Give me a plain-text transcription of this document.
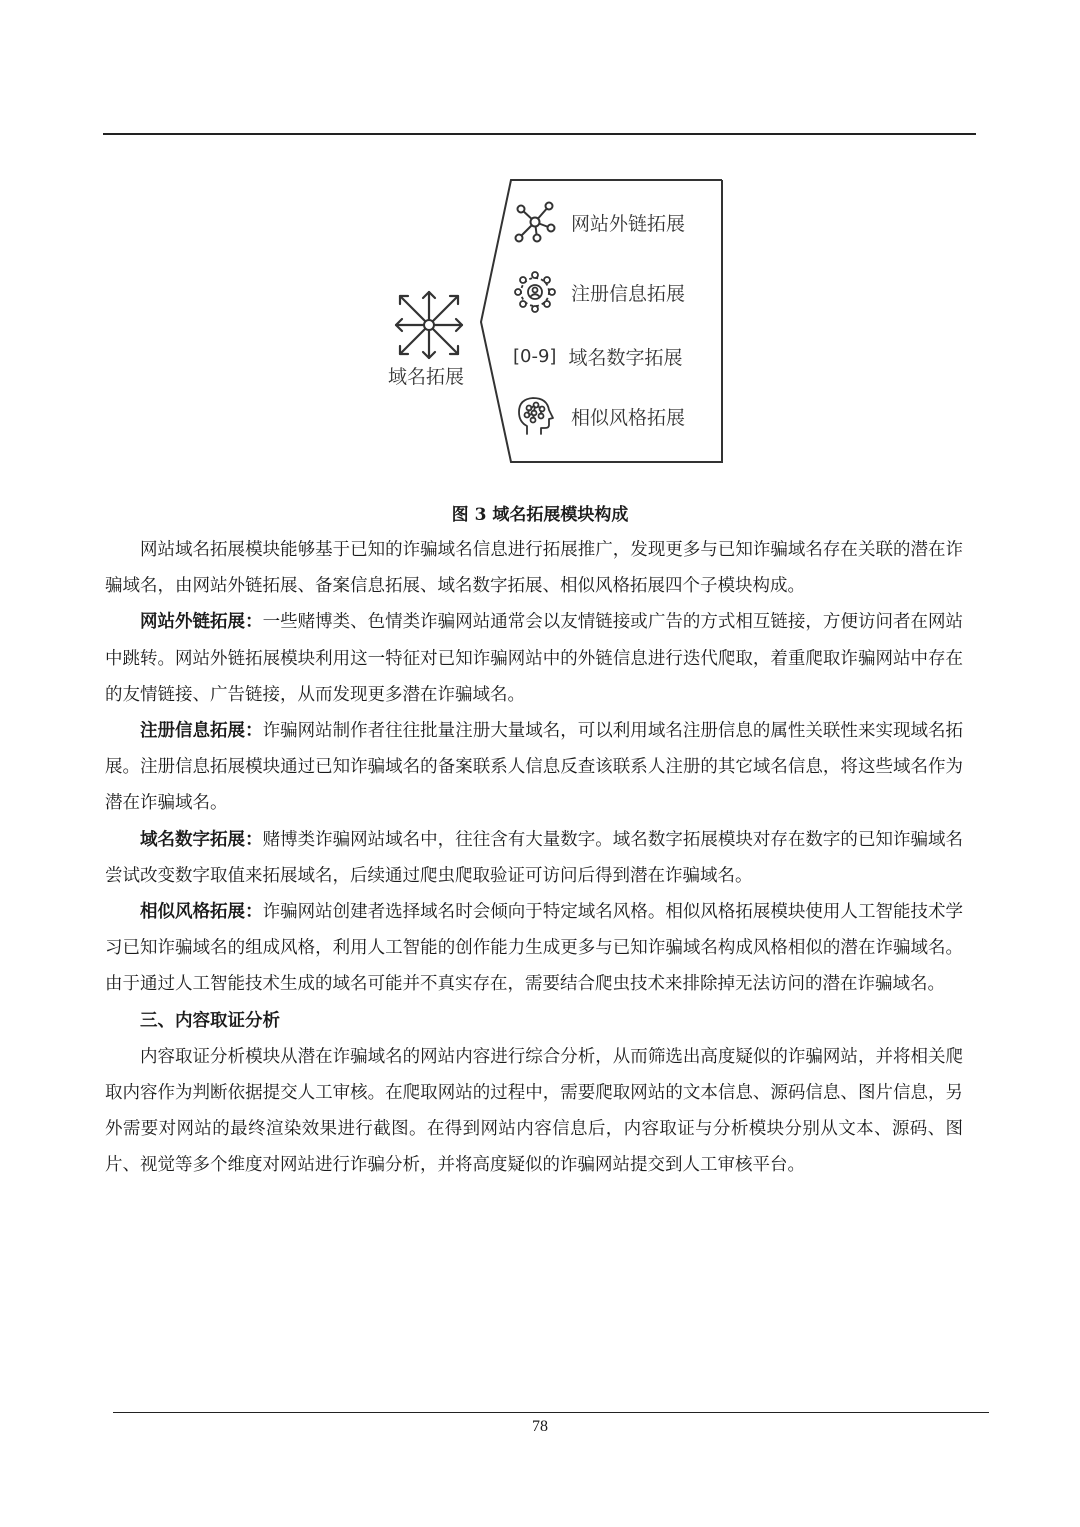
域名拓展
网站外链拓展
注册信息拓展
[0-9] 域名数字拓展
相似风格拓展
图 3 域名拓展模块构成

网站域名拓展模块能够基于已知的诈骗域名信息进行拓展推广，发现更多与已知诈骗域名存在关联的潜在诈骗域名，由网站外链拓展、备案信息拓展、域名数字拓展、相似风格拓展四个子模块构成。

网站外链拓展：一些赌博类、色情类诈骗网站通常会以友情链接或广告的方式相互链接，方便访问者在网站中跳转。网站外链拓展模块利用这一特征对已知诈骗网站中的外链信息进行迭代爬取，着重爬取诈骗网站中存在的友情链接、广告链接，从而发现更多潜在诈骗域名。

注册信息拓展：诈骗网站制作者往往批量注册大量域名，可以利用域名注册信息的属性关联性来实现域名拓展。注册信息拓展模块通过已知诈骗域名的备案联系人信息反查该联系人注册的其它域名信息，将这些域名作为潜在诈骗域名。

域名数字拓展：赌博类诈骗网站域名中，往往含有大量数字。域名数字拓展模块对存在数字的已知诈骗域名尝试改变数字取值来拓展域名，后续通过爬虫爬取验证可访问后得到潜在诈骗域名。

相似风格拓展：诈骗网站创建者选择域名时会倾向于特定域名风格。相似风格拓展模块使用人工智能技术学习已知诈骗域名的组成风格，利用人工智能的创作能力生成更多与已知诈骗域名构成风格相似的潜在诈骗域名。由于通过人工智能技术生成的域名可能并不真实存在，需要结合爬虫技术来排除掉无法访问的潜在诈骗域名。

三、内容取证分析

内容取证分析模块从潜在诈骗域名的网站内容进行综合分析，从而筛选出高度疑似的诈骗网站，并将相关爬取内容作为判断依据提交人工审核。在爬取网站的过程中，需要爬取网站的文本信息、源码信息、图片信息，另外需要对网站的最终渲染效果进行截图。在得到网站内容信息后，内容取证与分析模块分别从文本、源码、图片、视觉等多个维度对网站进行诈骗分析，并将高度疑似的诈骗网站提交到人工审核平台。

78
